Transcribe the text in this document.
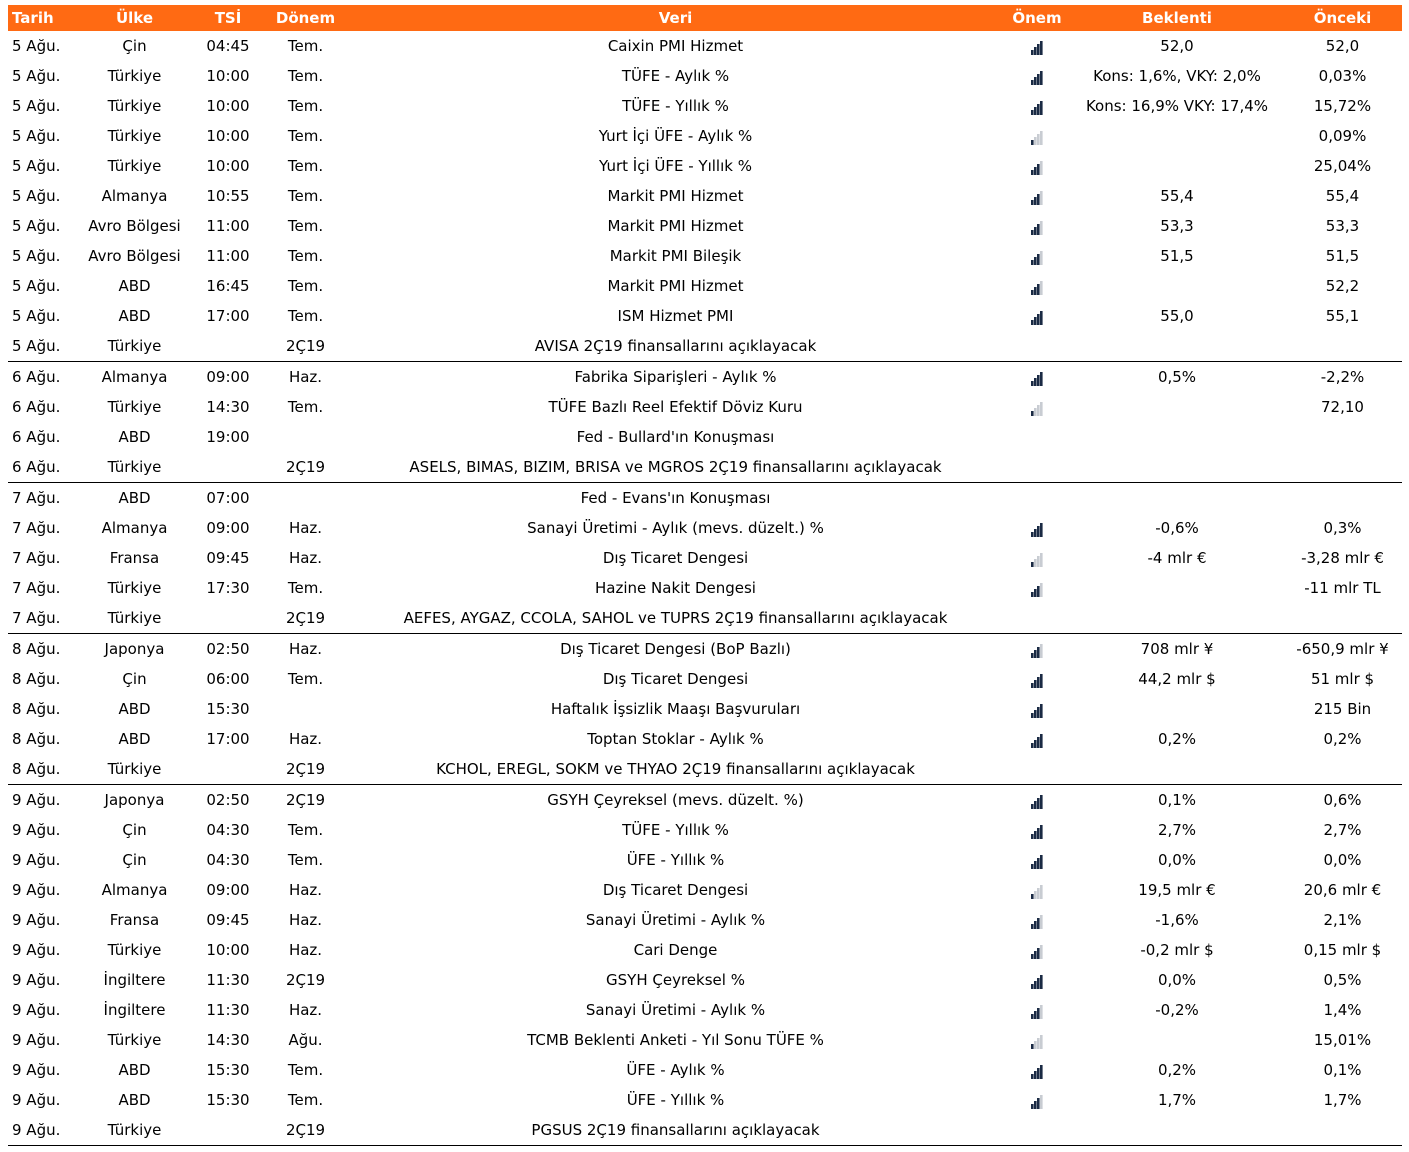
Tarih	Ülke	TSİ	Dönem	Veri	Önem	Beklenti	Önceki
5 Ağu.	Çin	04:45	Tem.	Caixin PMI Hizmet		52,0	52,0
5 Ağu.	Türkiye	10:00	Tem.	TÜFE - Aylık %		Kons: 1,6%, VKY: 2,0%	0,03%
5 Ağu.	Türkiye	10:00	Tem.	TÜFE - Yıllık %		Kons: 16,9% VKY: 17,4%	15,72%
5 Ağu.	Türkiye	10:00	Tem.	Yurt İçi ÜFE - Aylık %			0,09%
5 Ağu.	Türkiye	10:00	Tem.	Yurt İçi ÜFE - Yıllık %			25,04%
5 Ağu.	Almanya	10:55	Tem.	Markit PMI Hizmet		55,4	55,4
5 Ağu.	Avro Bölgesi	11:00	Tem.	Markit PMI Hizmet		53,3	53,3
5 Ağu.	Avro Bölgesi	11:00	Tem.	Markit PMI Bileşik		51,5	51,5
5 Ağu.	ABD	16:45	Tem.	Markit PMI Hizmet			52,2
5 Ağu.	ABD	17:00	Tem.	ISM Hizmet PMI		55,0	55,1
5 Ağu.	Türkiye		2Ç19	AVISA 2Ç19 finansallarını açıklayacak			
6 Ağu.	Almanya	09:00	Haz.	Fabrika Siparişleri - Aylık %		0,5%	-2,2%
6 Ağu.	Türkiye	14:30	Tem.	TÜFE Bazlı Reel Efektif Döviz Kuru			72,10
6 Ağu.	ABD	19:00		Fed - Bullard'ın Konuşması			
6 Ağu.	Türkiye		2Ç19	ASELS, BIMAS, BIZIM, BRISA ve MGROS 2Ç19 finansallarını açıklayacak			
7 Ağu.	ABD	07:00		Fed - Evans'ın Konuşması			
7 Ağu.	Almanya	09:00	Haz.	Sanayi Üretimi - Aylık (mevs. düzelt.) %		-0,6%	0,3%
7 Ağu.	Fransa	09:45	Haz.	Dış Ticaret Dengesi		-4 mlr €	-3,28 mlr €
7 Ağu.	Türkiye	17:30	Tem.	Hazine Nakit Dengesi			-11 mlr TL
7 Ağu.	Türkiye		2Ç19	AEFES, AYGAZ, CCOLA, SAHOL ve TUPRS 2Ç19 finansallarını açıklayacak			
8 Ağu.	Japonya	02:50	Haz.	Dış Ticaret Dengesi (BoP Bazlı)		708 mlr ¥	-650,9 mlr ¥
8 Ağu.	Çin	06:00	Tem.	Dış Ticaret Dengesi		44,2 mlr $	51 mlr $
8 Ağu.	ABD	15:30		Haftalık İşsizlik Maaşı Başvuruları			215 Bin
8 Ağu.	ABD	17:00	Haz.	Toptan Stoklar - Aylık %		0,2%	0,2%
8 Ağu.	Türkiye		2Ç19	KCHOL, EREGL, SOKM ve THYAO 2Ç19 finansallarını açıklayacak			
9 Ağu.	Japonya	02:50	2Ç19	GSYH Çeyreksel (mevs. düzelt. %)		0,1%	0,6%
9 Ağu.	Çin	04:30	Tem.	TÜFE - Yıllık %		2,7%	2,7%
9 Ağu.	Çin	04:30	Tem.	ÜFE - Yıllık %		0,0%	0,0%
9 Ağu.	Almanya	09:00	Haz.	Dış Ticaret Dengesi		19,5 mlr €	20,6 mlr €
9 Ağu.	Fransa	09:45	Haz.	Sanayi Üretimi - Aylık %		-1,6%	2,1%
9 Ağu.	Türkiye	10:00	Haz.	Cari Denge		-0,2 mlr $	0,15 mlr $
9 Ağu.	İngiltere	11:30	2Ç19	GSYH Çeyreksel %		0,0%	0,5%
9 Ağu.	İngiltere	11:30	Haz.	Sanayi Üretimi - Aylık %		-0,2%	1,4%
9 Ağu.	Türkiye	14:30	Ağu.	TCMB Beklenti Anketi - Yıl Sonu TÜFE %			15,01%
9 Ağu.	ABD	15:30	Tem.	ÜFE - Aylık %		0,2%	0,1%
9 Ağu.	ABD	15:30	Tem.	ÜFE - Yıllık %		1,7%	1,7%
9 Ağu.	Türkiye		2Ç19	PGSUS 2Ç19 finansallarını açıklayacak			
